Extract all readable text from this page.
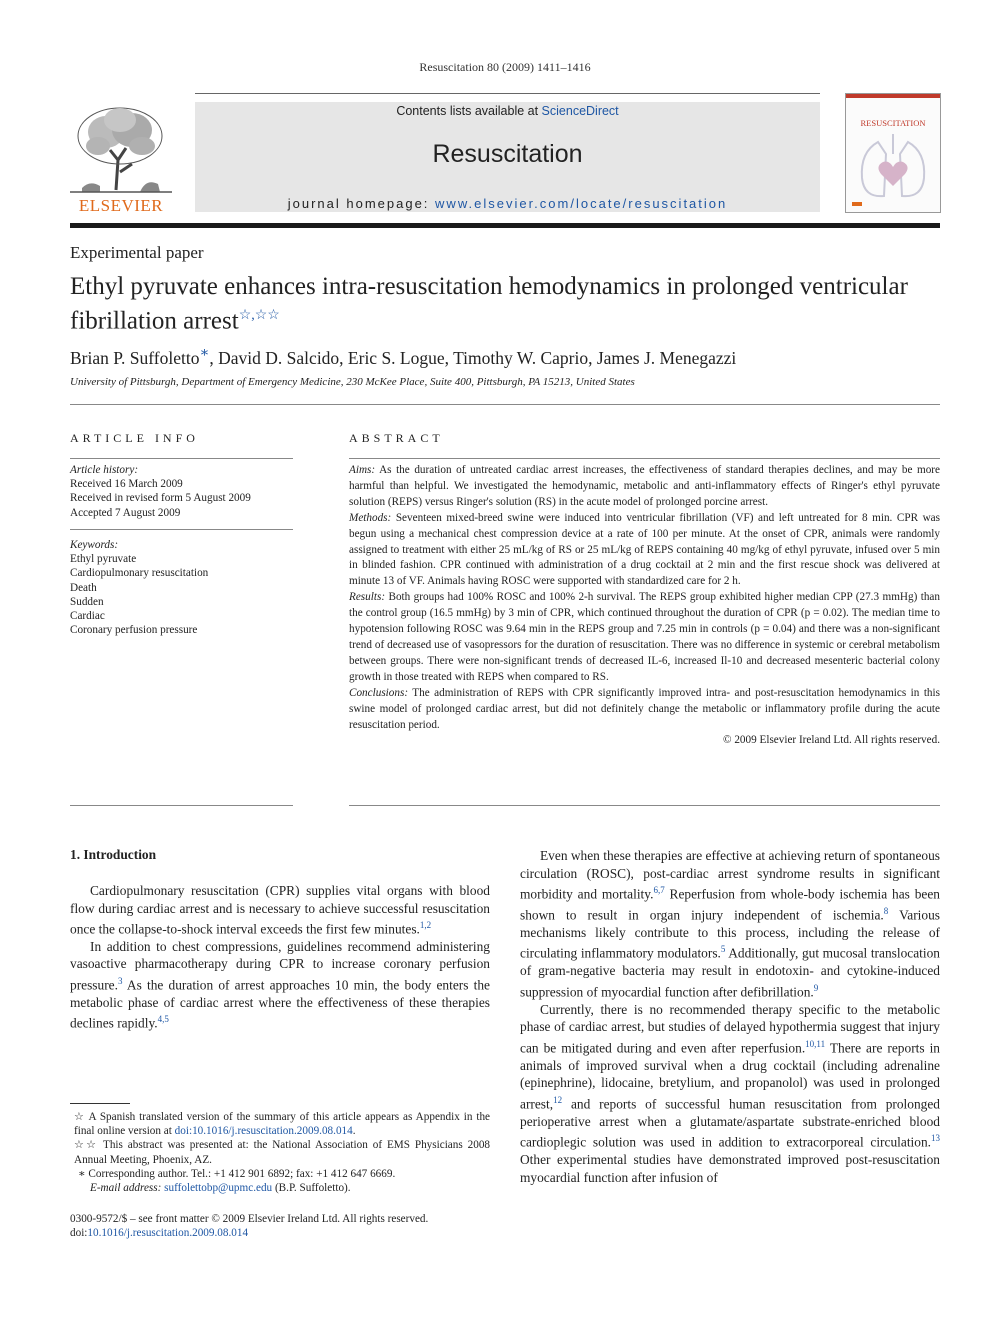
Resuscitation 80 (2009) 1411–1416
ELSEVIER
Contents lists available at ScienceDirect
Resuscitation
journal homepage: www.elsevier.com/locate/resuscitation
RESUSCITATION
Experimental paper
Ethyl pyruvate enhances intra-resuscitation hemodynamics in prolonged ventricular fibrillation arrest☆,☆☆
Brian P. Suffoletto∗, David D. Salcido, Eric S. Logue, Timothy W. Caprio, James J. Menegazzi
University of Pittsburgh, Department of Emergency Medicine, 230 McKee Place, Suite 400, Pittsburgh, PA 15213, United States
ARTICLE INFO
Article history:
Received 16 March 2009
Received in revised form 5 August 2009
Accepted 7 August 2009
Keywords:
Ethyl pyruvate
Cardiopulmonary resuscitation
Death
Sudden
Cardiac
Coronary perfusion pressure
ABSTRACT

Aims: As the duration of untreated cardiac arrest increases, the effectiveness of standard therapies declines, and may be more harmful than helpful. We investigated the hemodynamic, metabolic and anti-inflammatory effects of Ringer's ethyl pyruvate solution (REPS) versus Ringer's solution (RS) in the acute model of prolonged porcine arrest.

Methods: Seventeen mixed-breed swine were induced into ventricular fibrillation (VF) and left untreated for 8 min. CPR was begun using a mechanical chest compression device at a rate of 100 per minute. At the onset of CPR, animals were randomly assigned to treatment with either 25 mL/kg of RS or 25 mL/kg of REPS containing 40 mg/kg of ethyl pyruvate, infused over 5 min in blinded fashion. CPR continued with administration of a drug cocktail at 2 min and the first rescue shock was delivered at minute 13 of VF. Animals having ROSC were supported with standardized care for 2 h.

Results: Both groups had 100% ROSC and 100% 2-h survival. The REPS group exhibited higher median CPP (27.3 mmHg) than the control group (16.5 mmHg) by 3 min of CPR, which continued throughout the duration of CPR (p = 0.02). The median time to hypotension following ROSC was 9.64 min in the REPS group and 7.25 min in controls (p = 0.04) and there was a non-significant trend of decreased use of vasopressors for the duration of resuscitation. There was no difference in systemic or cerebral metabolism between groups. There were non-significant trends of decreased IL-6, increased Il-10 and decreased mesenteric bacterial colony growth in those treated with REPS when compared to RS.

Conclusions: The administration of REPS with CPR significantly improved intra- and post-resuscitation hemodynamics in this swine model of prolonged cardiac arrest, but did not definitely change the metabolic or inflammatory profile during the acute resuscitation period.

© 2009 Elsevier Ireland Ltd. All rights reserved.

1. Introduction

Cardiopulmonary resuscitation (CPR) supplies vital organs with blood flow during cardiac arrest and is necessary to achieve successful resuscitation once the collapse-to-shock interval exceeds the first few minutes.$^{1,2}$

In addition to chest compressions, guidelines recommend administering vasoactive pharmacotherapy during CPR to increase coronary perfusion pressure.$^3$ As the duration of arrest approaches 10 min, the body enters the metabolic phase of cardiac arrest where the effectiveness of these therapies declines rapidly.$^{4,5}$

Even when these therapies are effective at achieving return of spontaneous circulation (ROSC), post-cardiac arrest syndrome results in significant morbidity and mortality.$^{6,7}$ Reperfusion from whole-body ischemia has been shown to result in organ injury independent of ischemia.$^8$ Various mechanisms likely contribute to this process, including the release of circulating inflammatory modulators.$^5$ Additionally, gut mucosal translocation of gram-negative bacteria may result in endotoxin- and cytokine-induced suppression of myocardial function after defibrillation.$^9$

Currently, there is no recommended therapy specific to the metabolic phase of cardiac arrest, but studies of delayed hypothermia suggest that injury can be mitigated during and even after reperfusion.$^{10,11}$ There are reports in animals of improved survival when a drug cocktail (including adrenaline (epinephrine), lidocaine, bretylium, and propanolol) was used in prolonged arrest,$^{12}$ and reports of successful human resuscitation from prolonged perioperative arrest when a glutamate/aspartate substrate-enriched blood cardioplegic solution was used in addition to extracorporeal circulation.$^{13}$ Other experimental studies have demonstrated improved post-resuscitation myocardial function after infusion of

☆ A Spanish translated version of the summary of this article appears as Appendix in the final online version at doi:10.1016/j.resuscitation.2009.08.014.
☆☆ This abstract was presented at: the National Association of EMS Physicians 2008 Annual Meeting, Phoenix, AZ.
∗ Corresponding author. Tel.: +1 412 901 6892; fax: +1 412 647 6669.
E-mail address: suffolettobp@upmc.edu (B.P. Suffoletto).
0300-9572/$ – see front matter © 2009 Elsevier Ireland Ltd. All rights reserved.
doi:10.1016/j.resuscitation.2009.08.014
